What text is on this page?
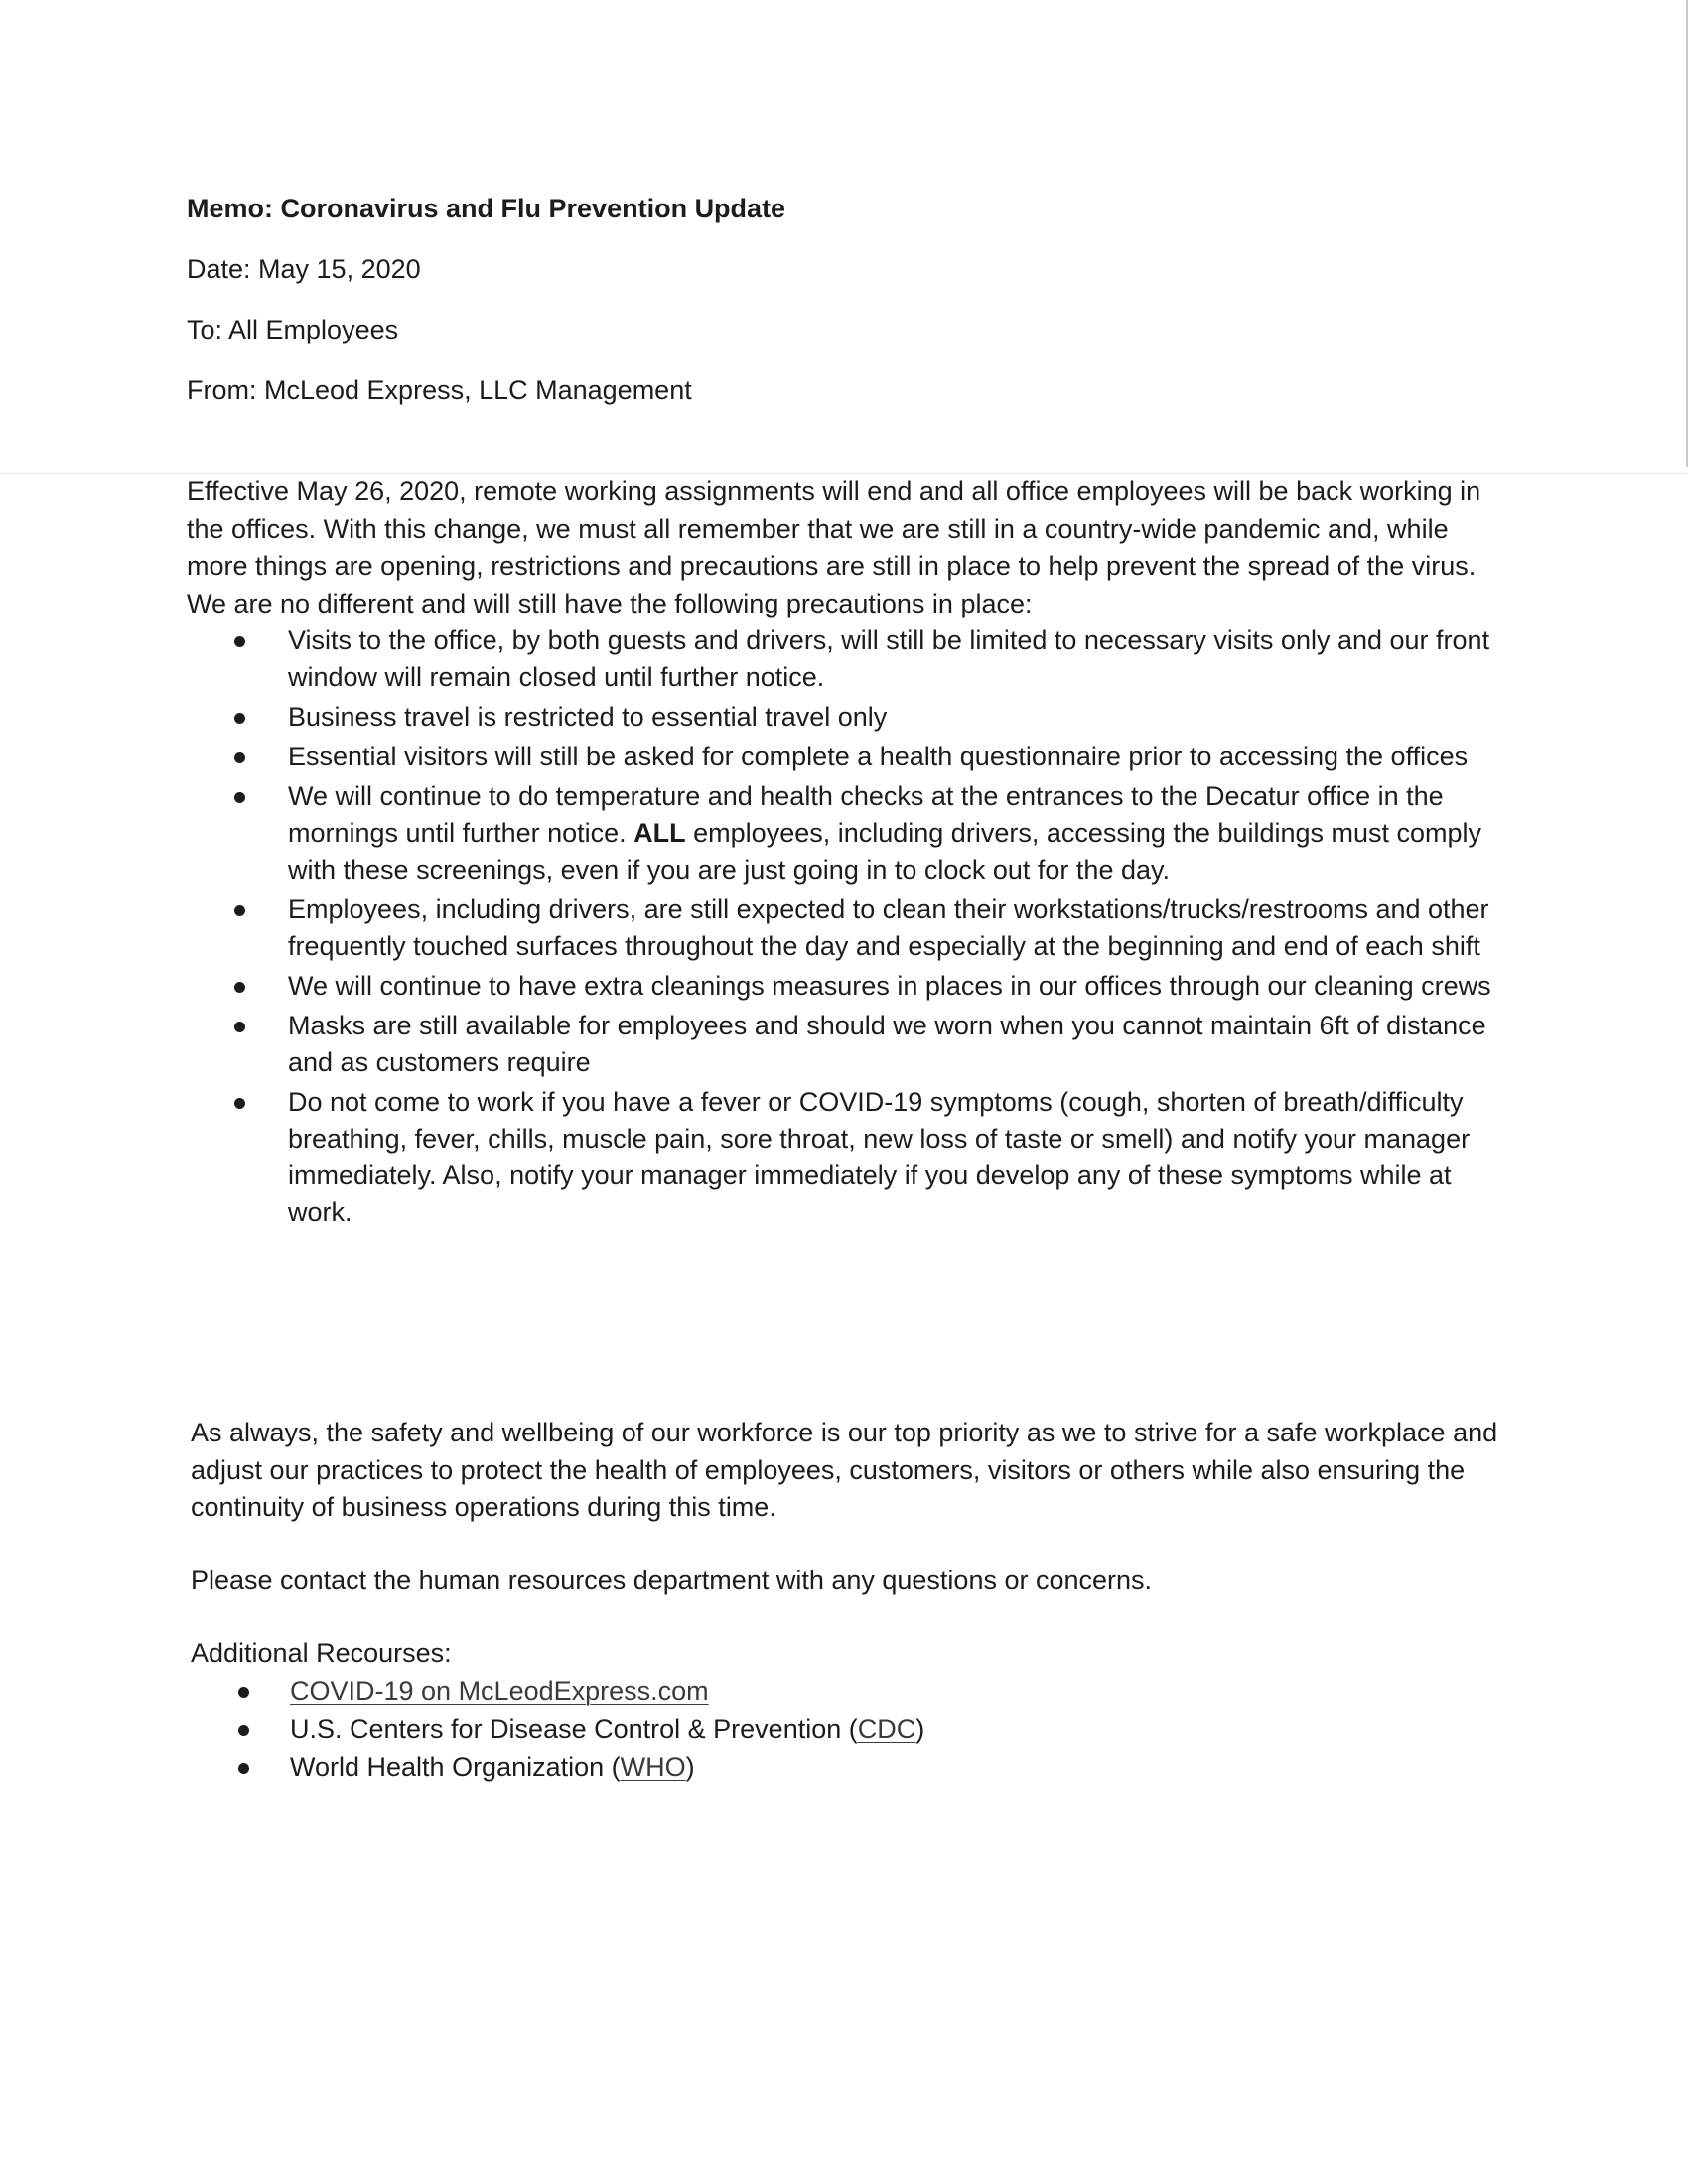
Memo: Coronavirus and Flu Prevention Update

Date: May 15, 2020

To: All Employees

From: McLeod Express, LLC Management

Effective May 26, 2020, remote working assignments will end and all office employees will be back working in the offices. With this change, we must all remember that we are still in a country-wide pandemic and, while more things are opening, restrictions and precautions are still in place to help prevent the spread of the virus. We are no different and will still have the following precautions in place:

Visits to the office, by both guests and drivers, will still be limited to necessary visits only and our front window will remain closed until further notice.
Business travel is restricted to essential travel only
Essential visitors will still be asked for complete a health questionnaire prior to accessing the offices
We will continue to do temperature and health checks at the entrances to the Decatur office in the mornings until further notice. ALL employees, including drivers, accessing the buildings must comply with these screenings, even if you are just going in to clock out for the day.
Employees, including drivers, are still expected to clean their workstations/trucks/restrooms and other frequently touched surfaces throughout the day and especially at the beginning and end of each shift
We will continue to have extra cleanings measures in places in our offices through our cleaning crews
Masks are still available for employees and should we worn when you cannot maintain 6ft of distance and as customers require
Do not come to work if you have a fever or COVID-19 symptoms (cough, shorten of breath/difficulty breathing, fever, chills, muscle pain, sore throat, new loss of taste or smell) and notify your manager immediately. Also, notify your manager immediately if you develop any of these symptoms while at work.

As always, the safety and wellbeing of our workforce is our top priority as we to strive for a safe workplace and adjust our practices to protect the health of employees, customers, visitors or others while also ensuring the continuity of business operations during this time.

Please contact the human resources department with any questions or concerns.

Additional Recourses:
COVID-19 on McLeodExpress.com
U.S. Centers for Disease Control & Prevention (CDC)
World Health Organization (WHO)
